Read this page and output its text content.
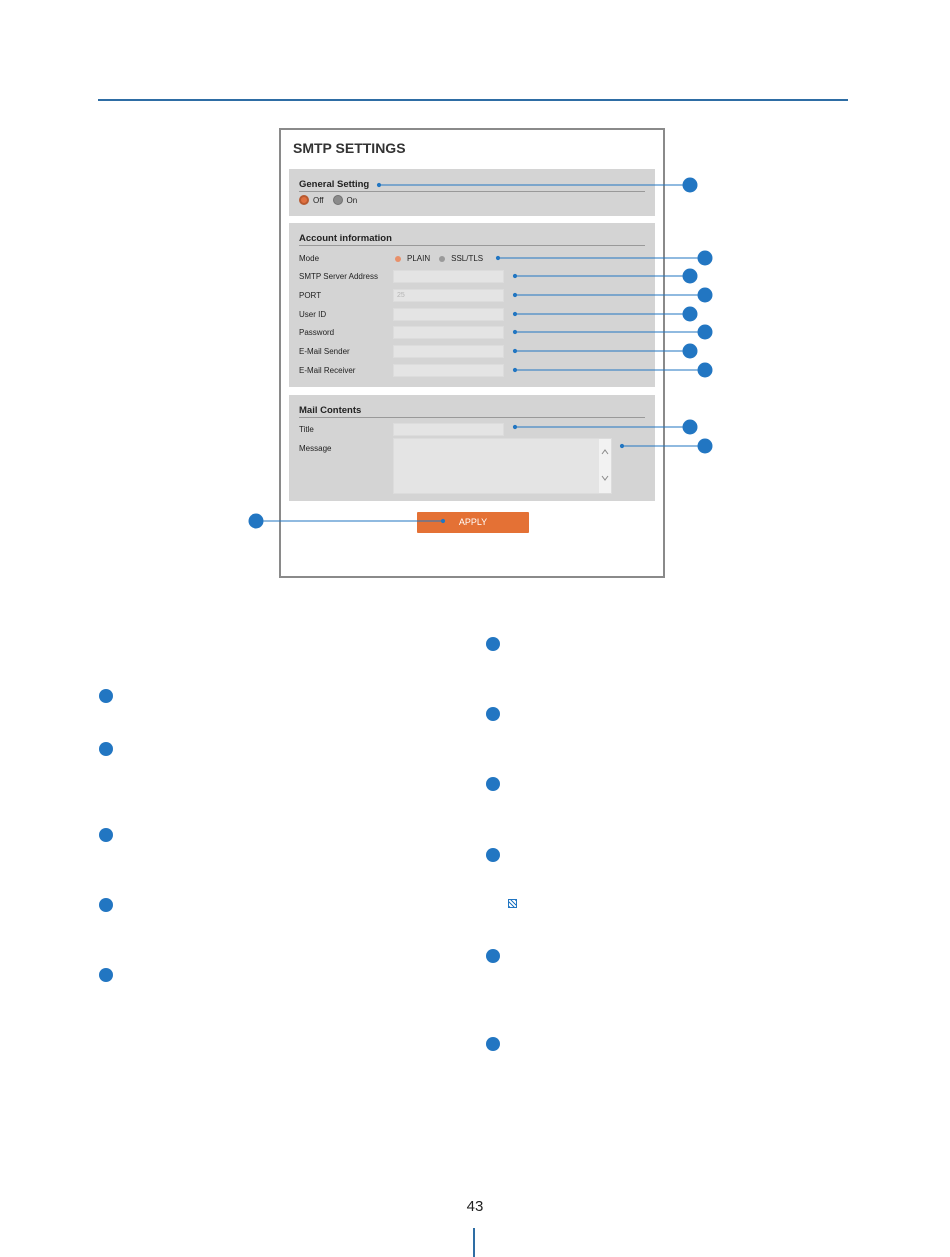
SMTP SETTINGS
General Setting
Off	On
Account information
Mode	PLAIN	SSL/TLS
SMTP Server Address
PORT	25
User ID
Password
E-Mail Sender
E-Mail Receiver
Mail Contents
Title
Message
APPLY
43
